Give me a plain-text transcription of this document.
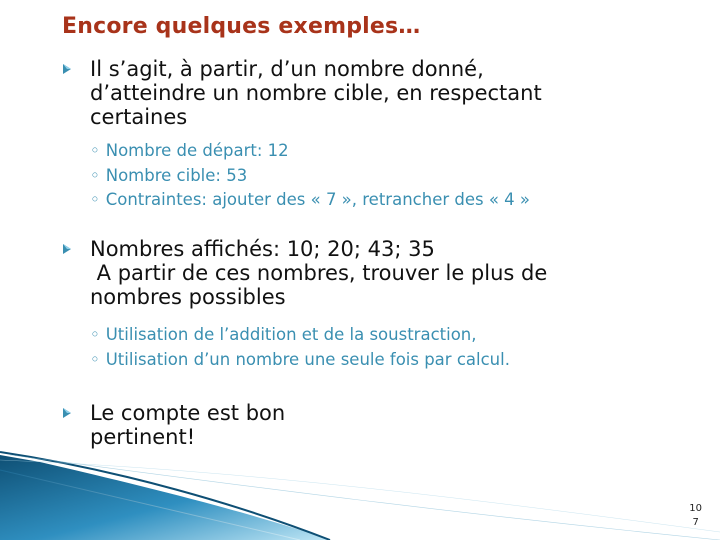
Encore quelques exemples…
Il s’agit, à partir, d’un nombre donné,
d’atteindre un nombre cible, en respectant
certaines
◦ Nombre de départ: 12
◦ Nombre cible: 53
◦ Contraintes: ajouter des « 7 », retrancher des « 4 »
Nombres affichés: 10; 20; 43; 35
A partir de ces nombres, trouver le plus de
nombres possibles
◦ Utilisation de l’addition et de la soustraction,
◦ Utilisation d’un nombre une seule fois par calcul.
Le compte est bon
pertinent!
10
7
